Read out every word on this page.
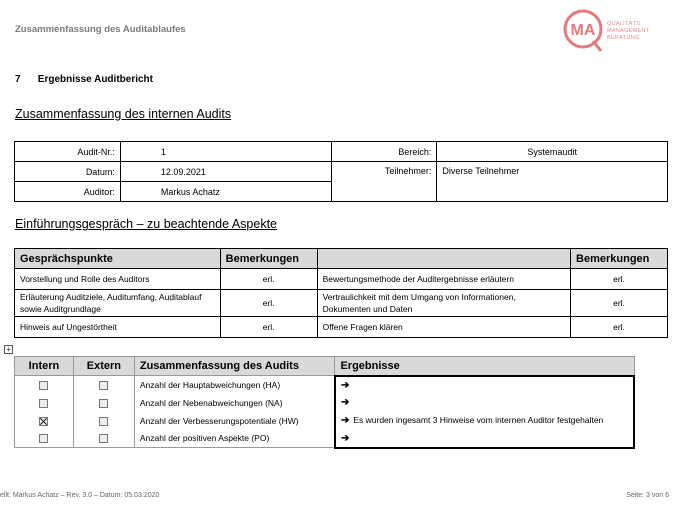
Zusammenfassung des Auditablaufes	MA QUALITÄTS
MANAGEMENT
BERATUNG
7 Ergebnisse Auditbericht
Zusammenfassung des internen Audits
Audit-Nr.:	1	Bereich:	Systemaudit
Datum:	12.09.2021	Teilnehmer:	Diverse Teilnehmer
Auditor:	Markus Achatz		
Einführungsgespräch – zu beachtende Aspekte
Gesprächspunkte	Bemerkungen		Bemerkungen
Vorstellung und Rolle des Auditors	erl.	Bewertungsmethode der Auditergebnisse erläutern	erl.
Erläuterung Auditziele, Auditumfang, Auditablauf sowie Auditgrundlage	erl.	Vertraulichkeit mit dem Umgang von Informationen, Dokumenten und Daten	erl.
Hinweis auf Ungestörtheit	erl.	Offene Fragen klären	erl.
+
Intern	Extern	Zusammenfassung des Audits	Ergebnisse
		Anzahl der Hauptabweichungen (HA)	➔
		Anzahl der Nebenabweichungen (NA)	➔
		Anzahl der Verbesserungspotentiale (HW)	➔ Es wurden ingesamt 3 Hinweise vom internen Auditor festgehalten
		Anzahl der positiven Aspekte (PO)	➔
ellt: Markus Achatz – Rev. 3.0 – Datum: 05.03.2020	Seite: 3 von 6
